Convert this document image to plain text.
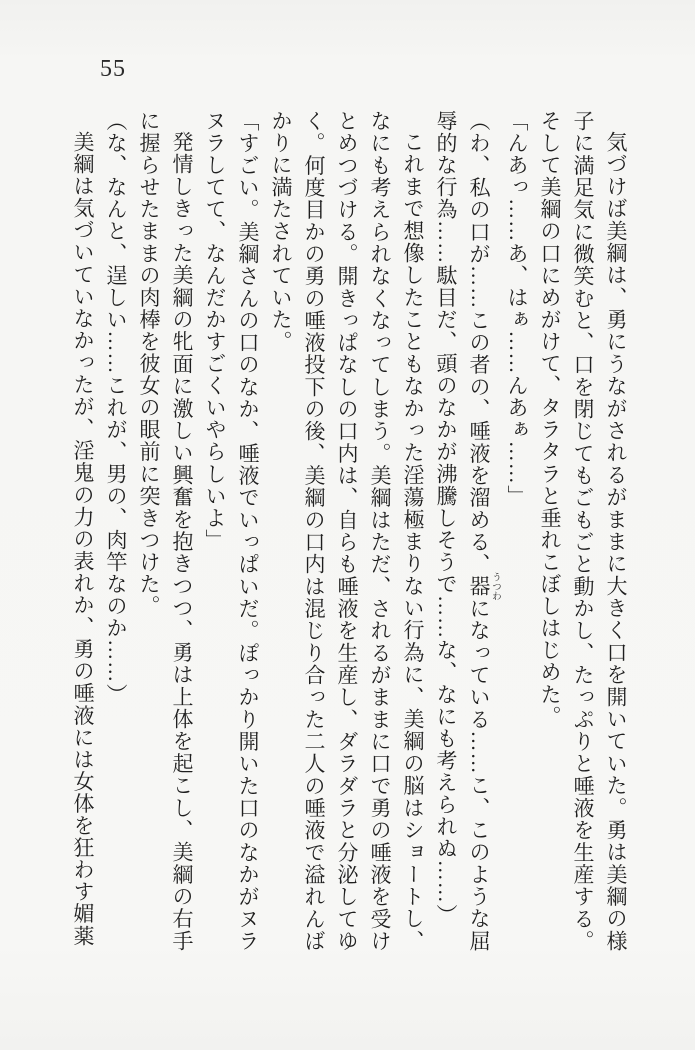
55

気づけば美綱は、勇にうながされるがままに大きく口を開いていた。勇は美綱の様子に満足気に微笑むと、口を閉じてもごもごと動かし、たっぷりと唾液を生産する。そして美綱の口にめがけて、タラタラと垂れこぼしはじめた。

「んあっ……あ、はぁ……んあぁ……」

（わ、私の口が……この者の、唾液を溜める、器 うつわになっている……こ、このような屈辱的な行為……駄目だ、頭のなかが沸騰しそうで……な、なにも考えられぬ……）

これまで想像したこともなかった淫蕩極まりない行為に、美綱の脳はショートし、なにも考えられなくなってしまう。美綱はただ、されるがままに口で勇の唾液を受けとめつづける。開きっぱなしの口内は、自らも唾液を生産し、ダラダラと分泌してゆく。何度目かの勇の唾液投下の後、美綱の口内は混じり合った二人の唾液で溢れんばかりに満たされていた。

「すごい。美綱さんの口のなか、唾液でいっぱいだ。ぽっかり開いた口のなかがヌラヌラしてて、なんだかすごくいやらしいよ」

発情しきった美綱の牝面に激しい興奮を抱きつつ、勇は上体を起こし、美綱の右手に握らせたままの肉棒を彼女の眼前に突きつけた。

（な、なんと、逞しい……これが、男の、肉竿なのか……）

美綱は気づいていなかったが、淫鬼の力の表れか、勇の唾液には女体を狂わす媚薬
